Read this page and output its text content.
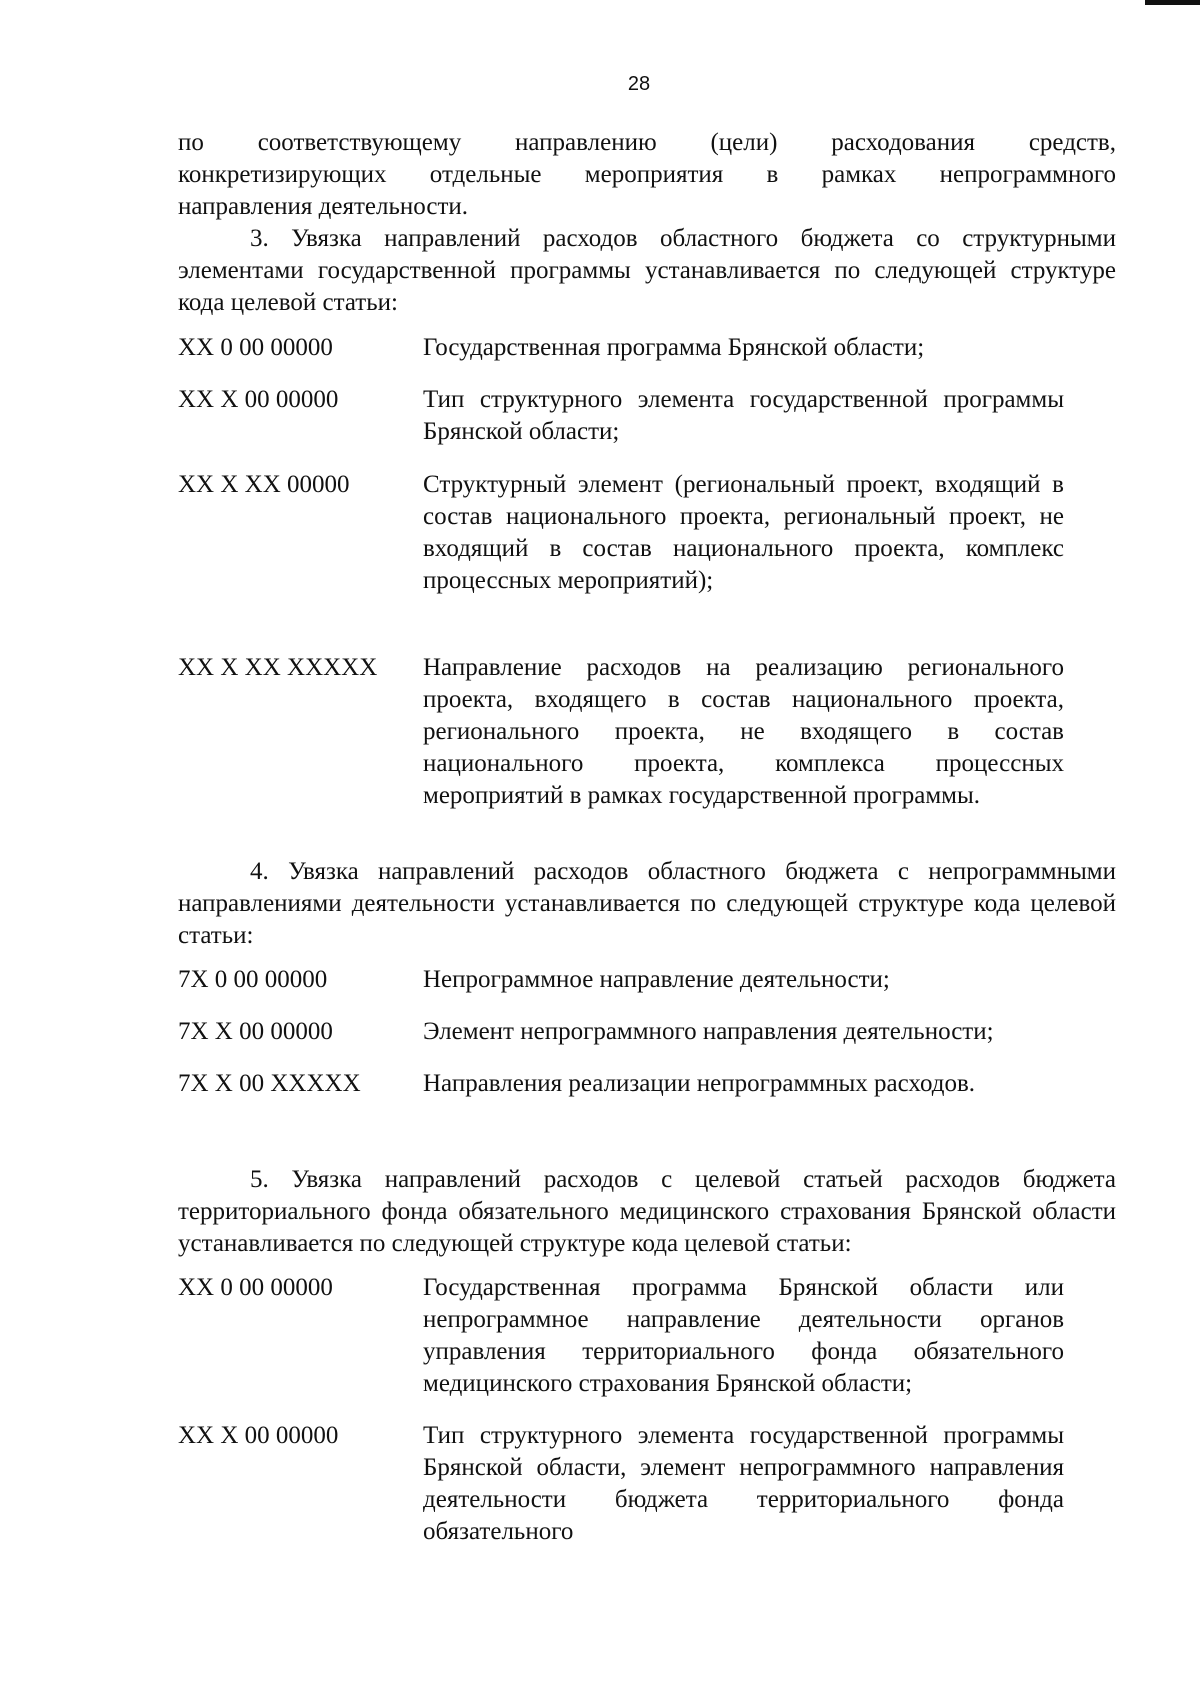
28
по соответствующему направлению (цели) расходования средств,
конкретизирующих отдельные мероприятия в рамках непрограммного
направления деятельности.

3. Увязка направлений расходов областного бюджета со структурными элементами государственной программы устанавливается по следующей структуре кода целевой статьи:

XX 0 00 00000	Государственная программа Брянской области;
XX X 00 00000	Тип структурного элемента государственной программы Брянской области;
XX X XX 00000	Структурный элемент (региональный проект, входящий в состав национального проекта, региональный проект, не входящий в состав национального проекта, комплекс процессных мероприятий);
XX X XX XXXXX	Направление расходов на реализацию регионального проекта, входящего в состав национального проекта, регионального проекта, не входящего в состав национального проекта, комплекса процессных мероприятий в рамках государственной программы.

4. Увязка направлений расходов областного бюджета с непрограммными направлениями деятельности устанавливается по следующей структуре кода целевой статьи:

7X 0 00 00000	Непрограммное направление деятельности;
7X X 00 00000	Элемент непрограммного направления деятельности;
7X X 00 XXXXX	Направления реализации непрограммных расходов.

5. Увязка направлений расходов с целевой статьей расходов бюджета территориального фонда обязательного медицинского страхования Брянской области устанавливается по следующей структуре кода целевой статьи:

XX 0 00 00000	Государственная программа Брянской области или непрограммное направление деятельности органов управления территориального фонда обязательного медицинского страхования Брянской области;
XX X 00 00000	Тип структурного элемента государственной программы Брянской области, элемент непрограммного направления деятельности бюджета территориального фонда обязательного
